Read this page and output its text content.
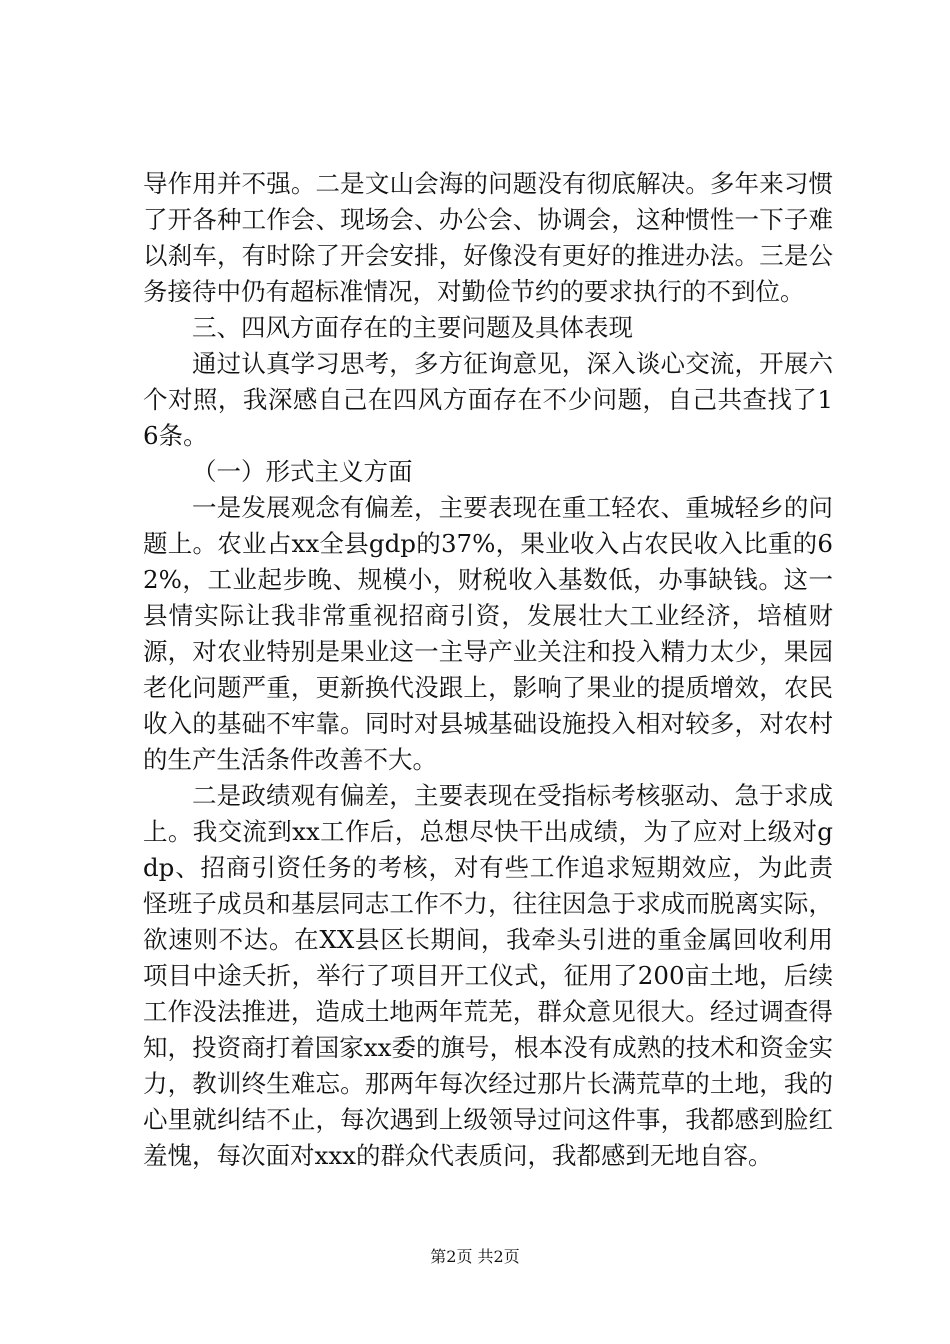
导作用并不强。二是文山会海的问题没有彻底解决。多年来习惯了开各种工作会、现场会、办公会、协调会，这种惯性一下子难以刹车，有时除了开会安排，好像没有更好的推进办法。三是公务接待中仍有超标准情况，对勤俭节约的要求执行的不到位。

三、四风方面存在的主要问题及具体表现

通过认真学习思考，多方征询意见，深入谈心交流，开展六个对照，我深感自己在四风方面存在不少问题，自己共查找了16条。

（一）形式主义方面

一是发展观念有偏差，主要表现在重工轻农、重城轻乡的问题上。农业占xx全县gdp的37%，果业收入占农民收入比重的62%，工业起步晚、规模小，财税收入基数低，办事缺钱。这一县情实际让我非常重视招商引资，发展壮大工业经济，培植财源，对农业特别是果业这一主导产业关注和投入精力太少，果园老化问题严重，更新换代没跟上，影响了果业的提质增效，农民收入的基础不牢靠。同时对县城基础设施投入相对较多，对农村的生产生活条件改善不大。

二是政绩观有偏差，主要表现在受指标考核驱动、急于求成上。我交流到xx工作后，总想尽快干出成绩，为了应对上级对gdp、招商引资任务的考核，对有些工作追求短期效应，为此责怪班子成员和基层同志工作不力，往往因急于求成而脱离实际，欲速则不达。在XX县区长期间，我牵头引进的重金属回收利用项目中途夭折，举行了项目开工仪式，征用了200亩土地，后续工作没法推进，造成土地两年荒芜，群众意见很大。经过调查得知，投资商打着国家xx委的旗号，根本没有成熟的技术和资金实力，教训终生难忘。那两年每次经过那片长满荒草的土地，我的心里就纠结不止，每次遇到上级领导过问这件事，我都感到脸红羞愧，每次面对xxx的群众代表质问，我都感到无地自容。

第2页 共2页
